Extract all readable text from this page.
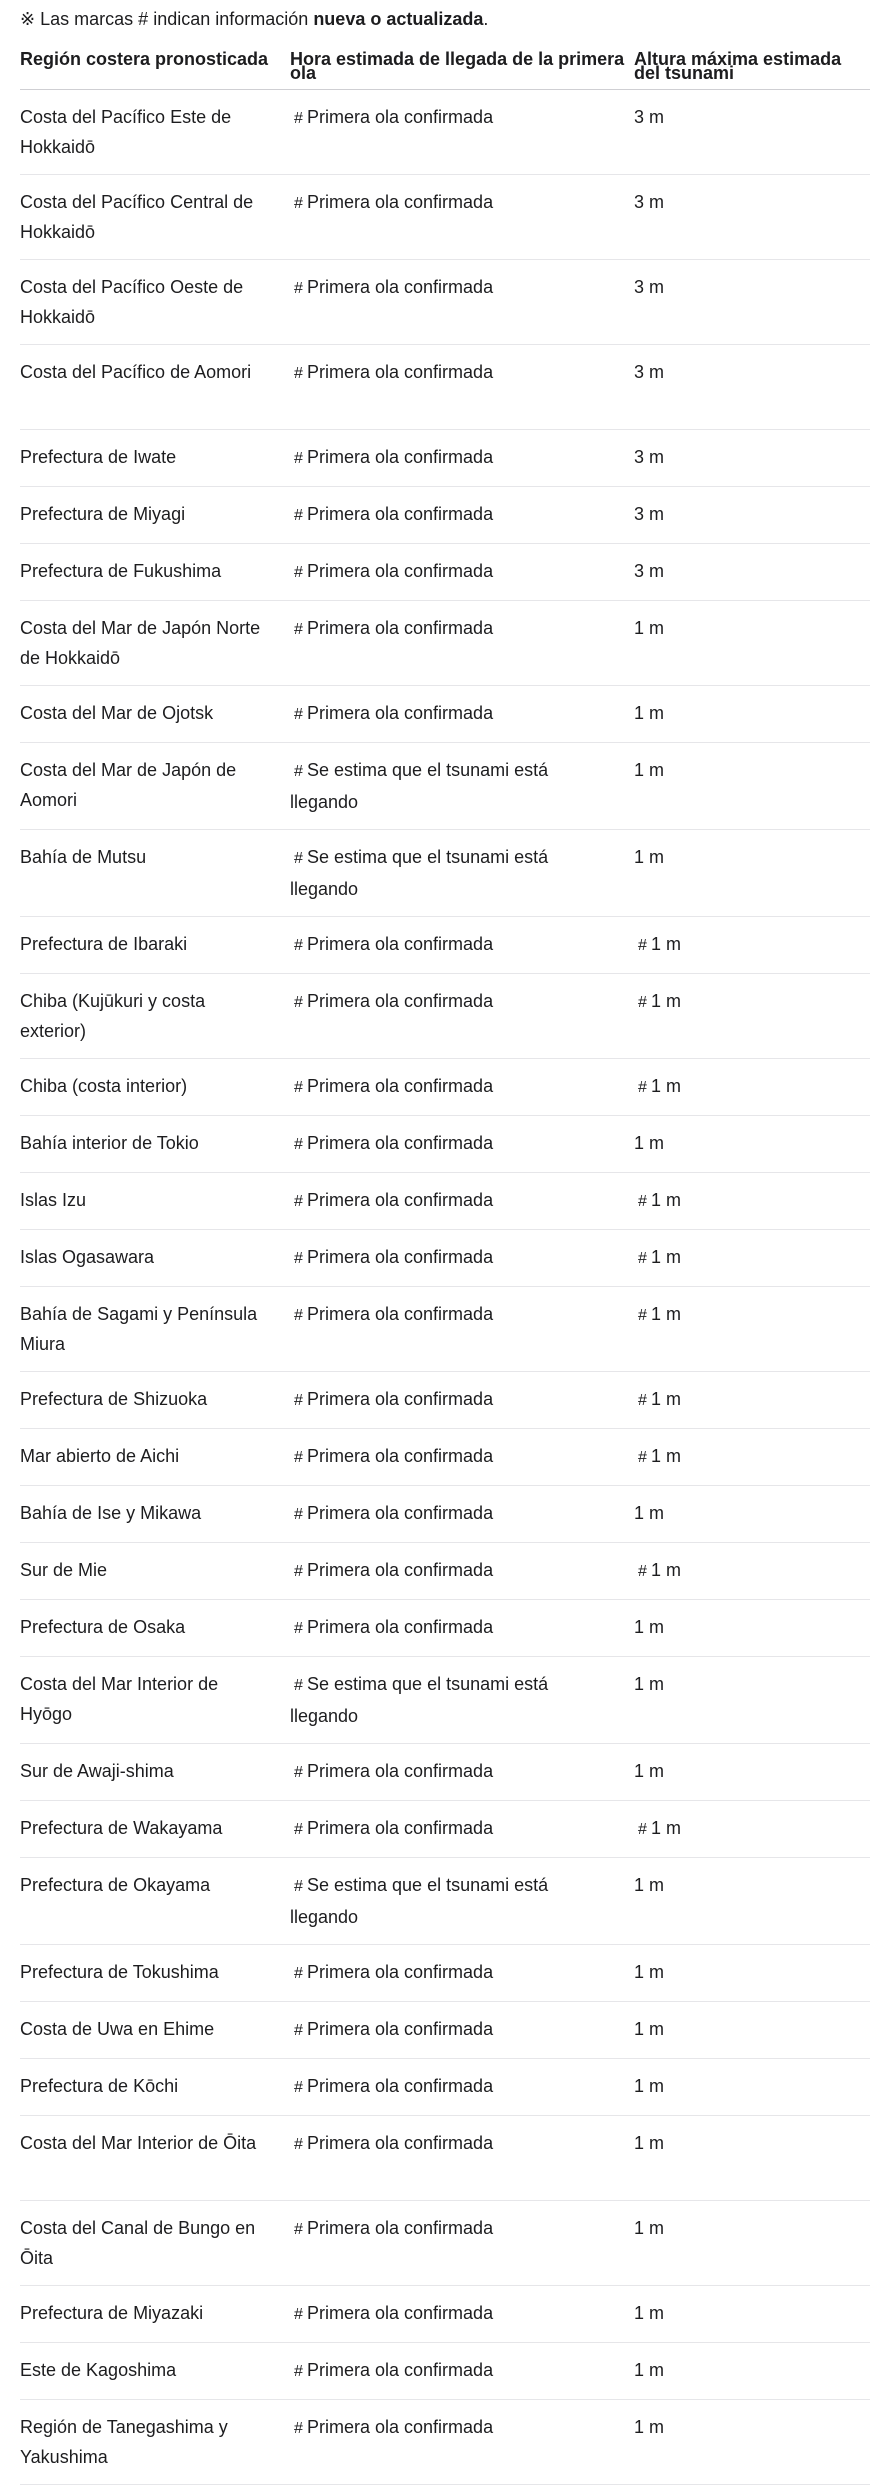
※ Las marcas # indican información nueva o actualizada.
Región costera pronosticada	Hora estimada de llegada de la primera ola	Altura máxima estimada del tsunami
Costa del Pacífico Este de Hokkaidō	# Primera ola confirmada	3 m
Costa del Pacífico Central de Hokkaidō	# Primera ola confirmada	3 m
Costa del Pacífico Oeste de Hokkaidō	# Primera ola confirmada	3 m
Costa del Pacífico de Aomori	# Primera ola confirmada	3 m
Prefectura de Iwate	# Primera ola confirmada	3 m
Prefectura de Miyagi	# Primera ola confirmada	3 m
Prefectura de Fukushima	# Primera ola confirmada	3 m
Costa del Mar de Japón Norte de Hokkaidō	# Primera ola confirmada	1 m
Costa del Mar de Ojotsk	# Primera ola confirmada	1 m
Costa del Mar de Japón de Aomori	# Se estima que el tsunami está llegando	1 m
Bahía de Mutsu	# Se estima que el tsunami está llegando	1 m
Prefectura de Ibaraki	# Primera ola confirmada	# 1 m
Chiba (Kujūkuri y costa exterior)	# Primera ola confirmada	# 1 m
Chiba (costa interior)	# Primera ola confirmada	# 1 m
Bahía interior de Tokio	# Primera ola confirmada	1 m
Islas Izu	# Primera ola confirmada	# 1 m
Islas Ogasawara	# Primera ola confirmada	# 1 m
Bahía de Sagami y Península Miura	# Primera ola confirmada	# 1 m
Prefectura de Shizuoka	# Primera ola confirmada	# 1 m
Mar abierto de Aichi	# Primera ola confirmada	# 1 m
Bahía de Ise y Mikawa	# Primera ola confirmada	1 m
Sur de Mie	# Primera ola confirmada	# 1 m
Prefectura de Osaka	# Primera ola confirmada	1 m
Costa del Mar Interior de Hyōgo	# Se estima que el tsunami está llegando	1 m
Sur de Awaji-shima	# Primera ola confirmada	1 m
Prefectura de Wakayama	# Primera ola confirmada	# 1 m
Prefectura de Okayama	# Se estima que el tsunami está llegando	1 m
Prefectura de Tokushima	# Primera ola confirmada	1 m
Costa de Uwa en Ehime	# Primera ola confirmada	1 m
Prefectura de Kōchi	# Primera ola confirmada	1 m
Costa del Mar Interior de Ōita	# Primera ola confirmada	1 m
Costa del Canal de Bungo en Ōita	# Primera ola confirmada	1 m
Prefectura de Miyazaki	# Primera ola confirmada	1 m
Este de Kagoshima	# Primera ola confirmada	1 m
Región de Tanegashima y Yakushima	# Primera ola confirmada	1 m
